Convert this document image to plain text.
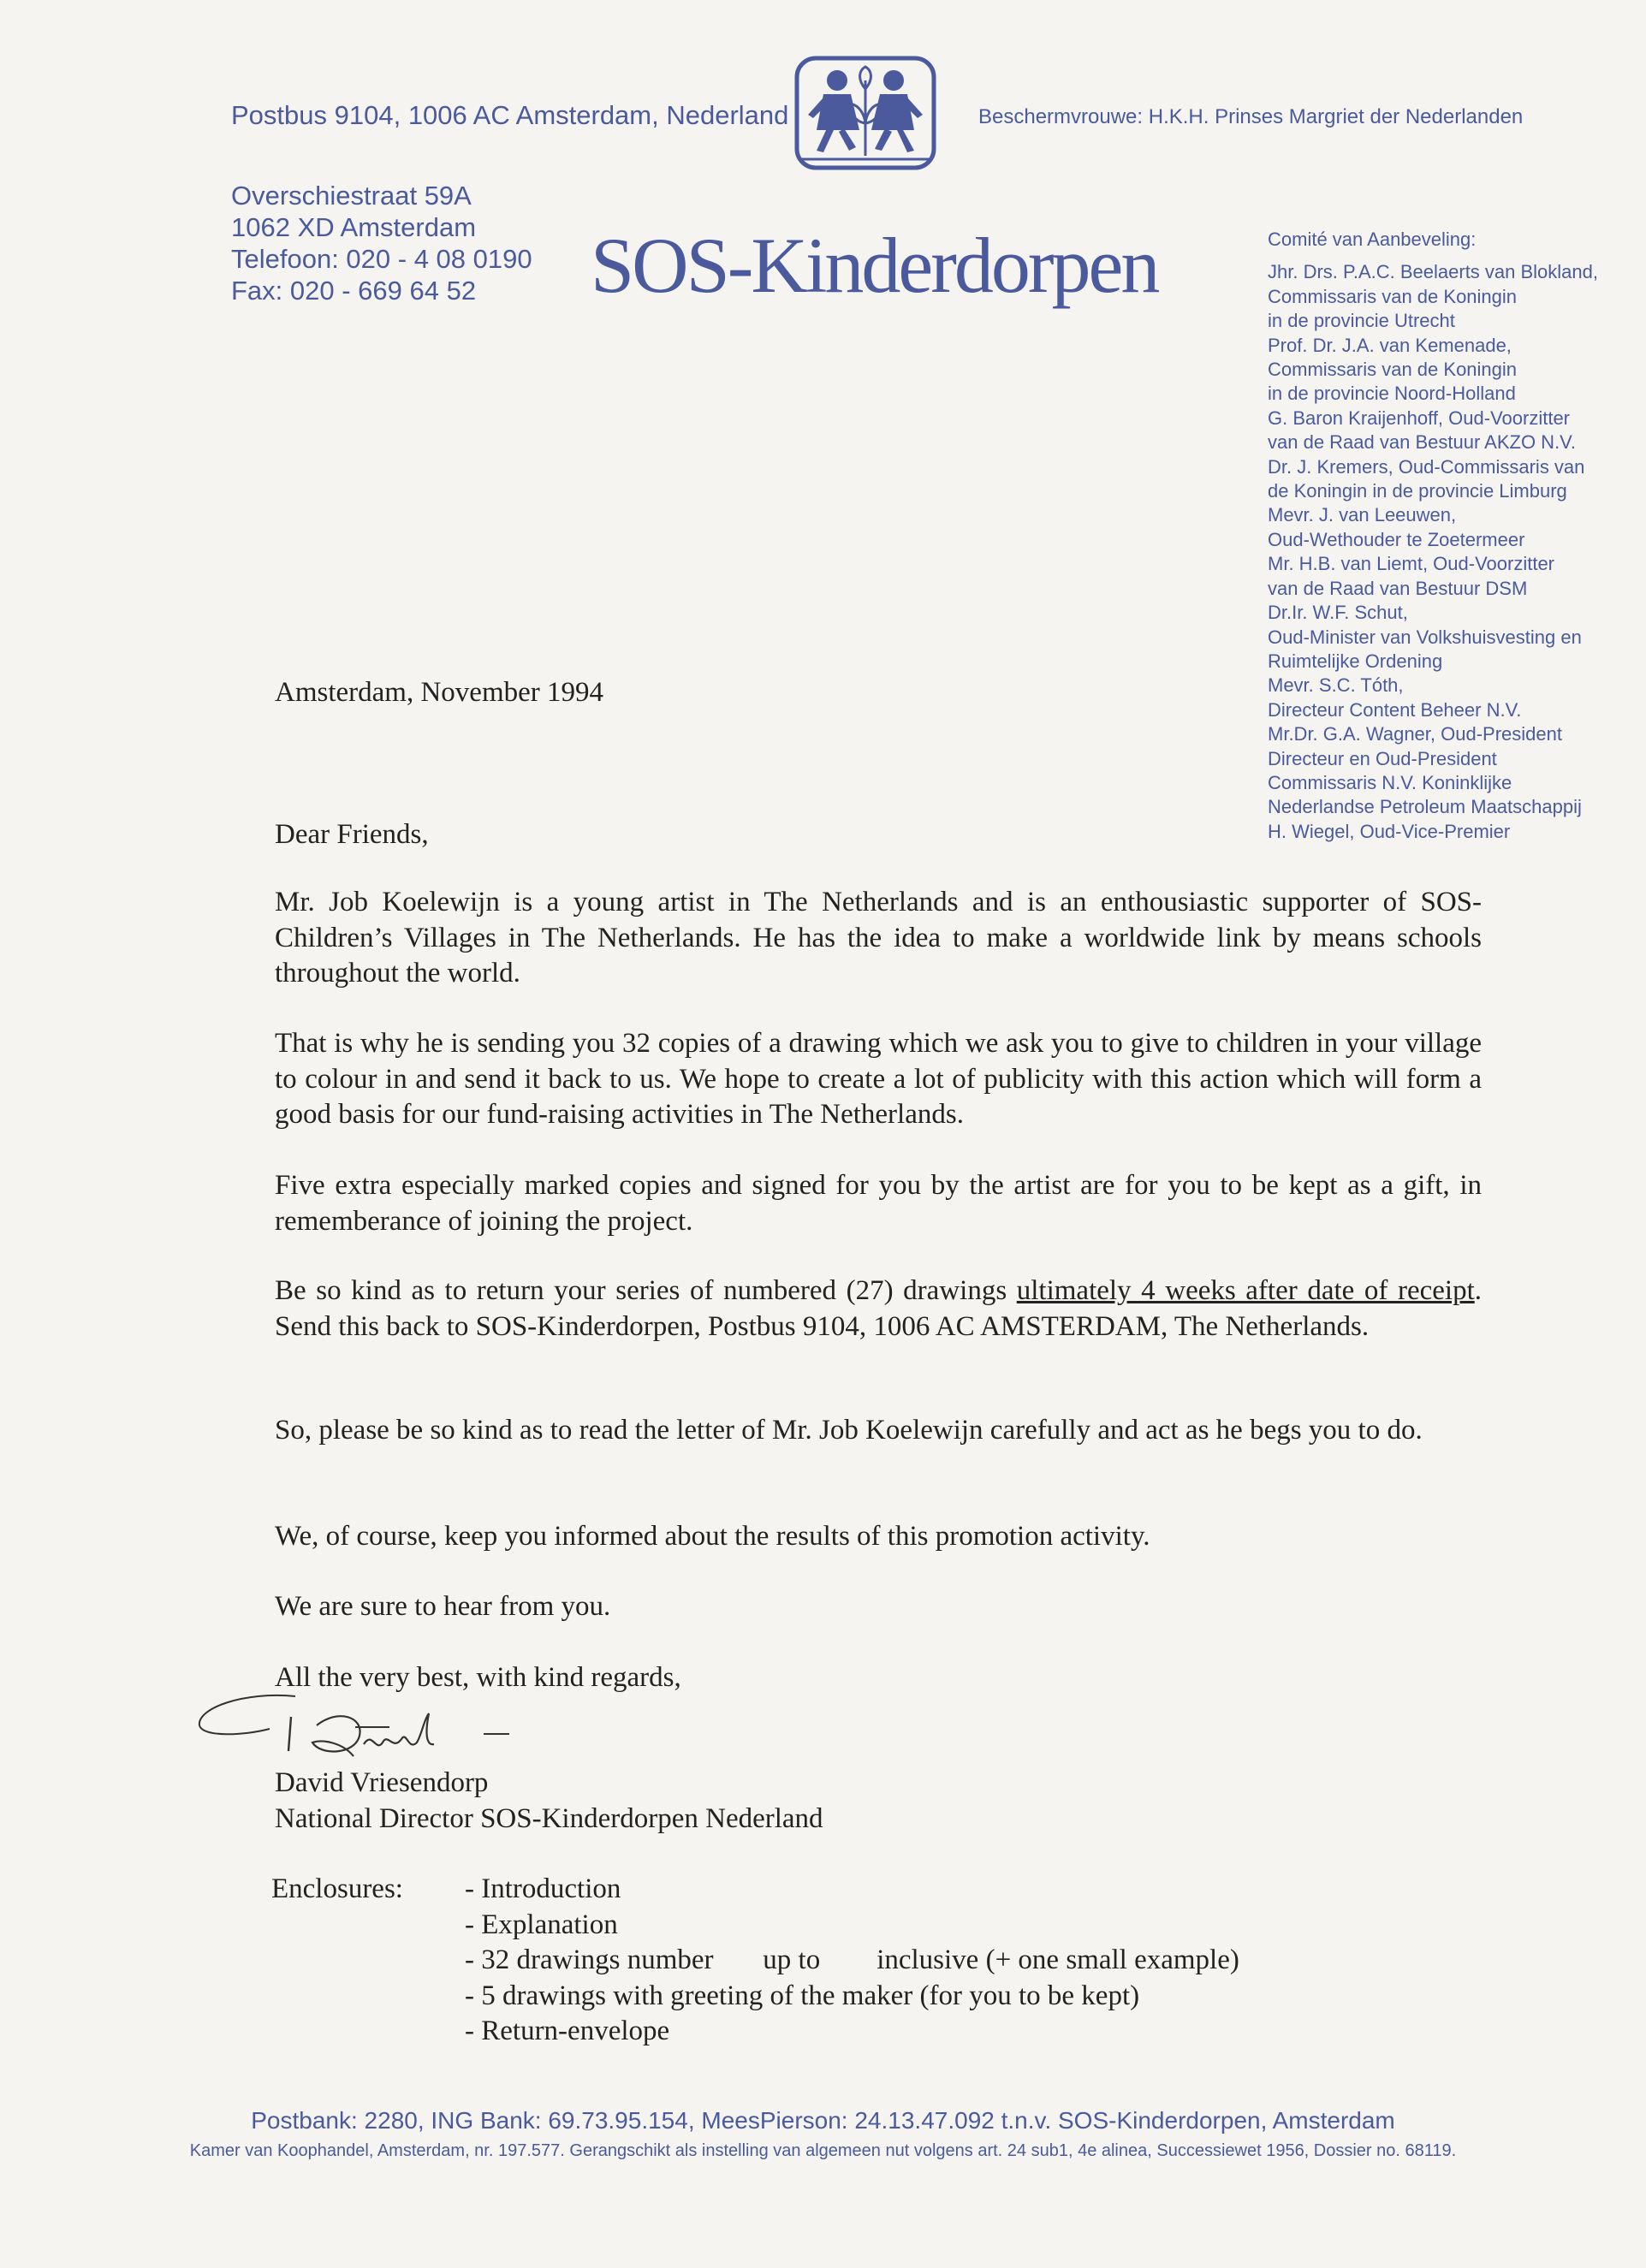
Postbus 9104, 1006 AC Amsterdam, Nederland
Overschiestraat 59A
1062 XD Amsterdam
Telefoon: 020 - 4 08 0190
Fax: 020 - 669 64 52
Beschermvrouwe: H.K.H. Prinses Margriet der Nederlanden
SOS-Kinderdorpen	Comité van Aanbeveling:
Jhr. Drs. P.A.C. Beelaerts van Blokland,
Commissaris van de Koningin
in de provincie Utrecht
Prof. Dr. J.A. van Kemenade,
Commissaris van de Koningin
in de provincie Noord-Holland
G. Baron Kraijenhoff, Oud-Voorzitter
van de Raad van Bestuur AKZO N.V.
Dr. J. Kremers, Oud-Commissaris van
de Koningin in de provincie Limburg
Mevr. J. van Leeuwen,
Oud-Wethouder te Zoetermeer
Mr. H.B. van Liemt, Oud-Voorzitter
van de Raad van Bestuur DSM
Dr.Ir. W.F. Schut,
Oud-Minister van Volkshuisvesting en
Ruimtelijke Ordening
Mevr. S.C. Tóth,
Directeur Content Beheer N.V.
Mr.Dr. G.A. Wagner, Oud-President
Directeur en Oud-President
Commissaris N.V. Koninklijke
Nederlandse Petroleum Maatschappij
H. Wiegel, Oud-Vice-Premier
Amsterdam, November 1994
Dear Friends,
Mr. Job Koelewijn is a young artist in The Netherlands and is an enthousiastic supporter of SOS-Children’s Villages in The Netherlands. He has the idea to make a worldwide link by means schools throughout the world.
That is why he is sending you 32 copies of a drawing which we ask you to give to children in your village to colour in and send it back to us. We hope to create a lot of publicity with this action which will form a good basis for our fund-raising activities in The Netherlands.
Five extra especially marked copies and signed for you by the artist are for you to be kept as a gift, in rememberance of joining the project.
Be so kind as to return your series of numbered (27) drawings ultimately 4 weeks after date of receipt. Send this back to SOS-Kinderdorpen, Postbus 9104, 1006 AC AMSTERDAM, The Netherlands.
So, please be so kind as to read the letter of Mr. Job Koelewijn carefully and act as he begs you to do.
We, of course, keep you informed about the results of this promotion activity.
We are sure to hear from you.
All the very best, with kind regards,
David Vriesendorp
National Director SOS-Kinderdorpen Nederland
Enclosures: - Introduction
- Explanation
- 32 drawings number       up to        inclusive (+ one small example)
- 5 drawings with greeting of the maker (for you to be kept)
- Return-envelope
Postbank: 2280, ING Bank: 69.73.95.154, MeesPierson: 24.13.47.092 t.n.v. SOS-Kinderdorpen, Amsterdam
Kamer van Koophandel, Amsterdam, nr. 197.577. Gerangschikt als instelling van algemeen nut volgens art. 24 sub1, 4e alinea, Successiewet 1956, Dossier no. 68119.
